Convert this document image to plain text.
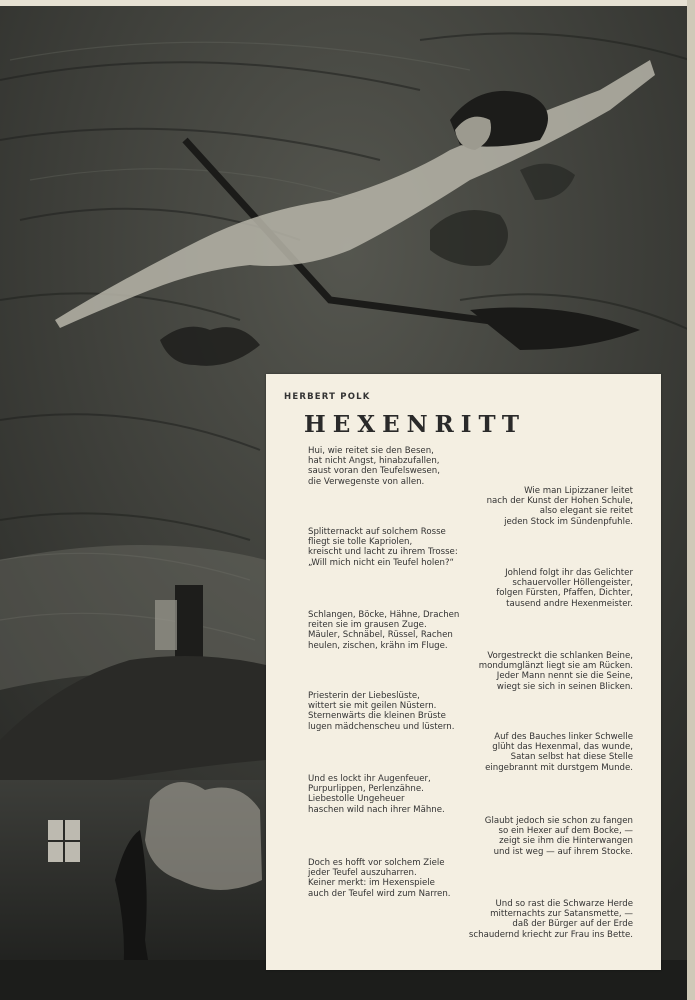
HERBERT POLK
HEXENRITT
Hui, wie reitet sie den Besen,
hat nicht Angst, hinabzufallen,
saust voran den Teufelswesen,
die Verwegenste von allen.
Wie man Lipizzaner leitet
nach der Kunst der Hohen Schule,
also elegant sie reitet
jeden Stock im Sündenpfuhle.
Splitternackt auf solchem Rosse
fliegt sie tolle Kapriolen,
kreischt und lacht zu ihrem Trosse:
„Will mich nicht ein Teufel holen?“
Johlend folgt ihr das Gelichter
schauervoller Höllengeister,
folgen Fürsten, Pfaffen, Dichter,
tausend andre Hexenmeister.
Schlangen, Böcke, Hähne, Drachen
reiten sie im grausen Zuge.
Mäuler, Schnäbel, Rüssel, Rachen
heulen, zischen, krähn im Fluge.
Vorgestreckt die schlanken Beine,
mondumglänzt liegt sie am Rücken.
Jeder Mann nennt sie die Seine,
wiegt sie sich in seinen Blicken.
Priesterin der Liebeslüste,
wittert sie mit geilen Nüstern.
Sternenwärts die kleinen Brüste
lugen mädchenscheu und lüstern.
Auf des Bauches linker Schwelle
glüht das Hexenmal, das wunde,
Satan selbst hat diese Stelle
eingebrannt mit durstgem Munde.
Und es lockt ihr Augenfeuer,
Purpurlippen, Perlenzähne.
Liebestolle Ungeheuer
haschen wild nach ihrer Mähne.
Glaubt jedoch sie schon zu fangen
so ein Hexer auf dem Bocke, —
zeigt sie ihm die Hinterwangen
und ist weg — auf ihrem Stocke.
Doch es hofft vor solchem Ziele
jeder Teufel auszuharren.
Keiner merkt: im Hexenspiele
auch der Teufel wird zum Narren.
Und so rast die Schwarze Herde
mitternachts zur Satansmette, —
daß der Bürger auf der Erde
schaudernd kriecht zur Frau ins Bette.
